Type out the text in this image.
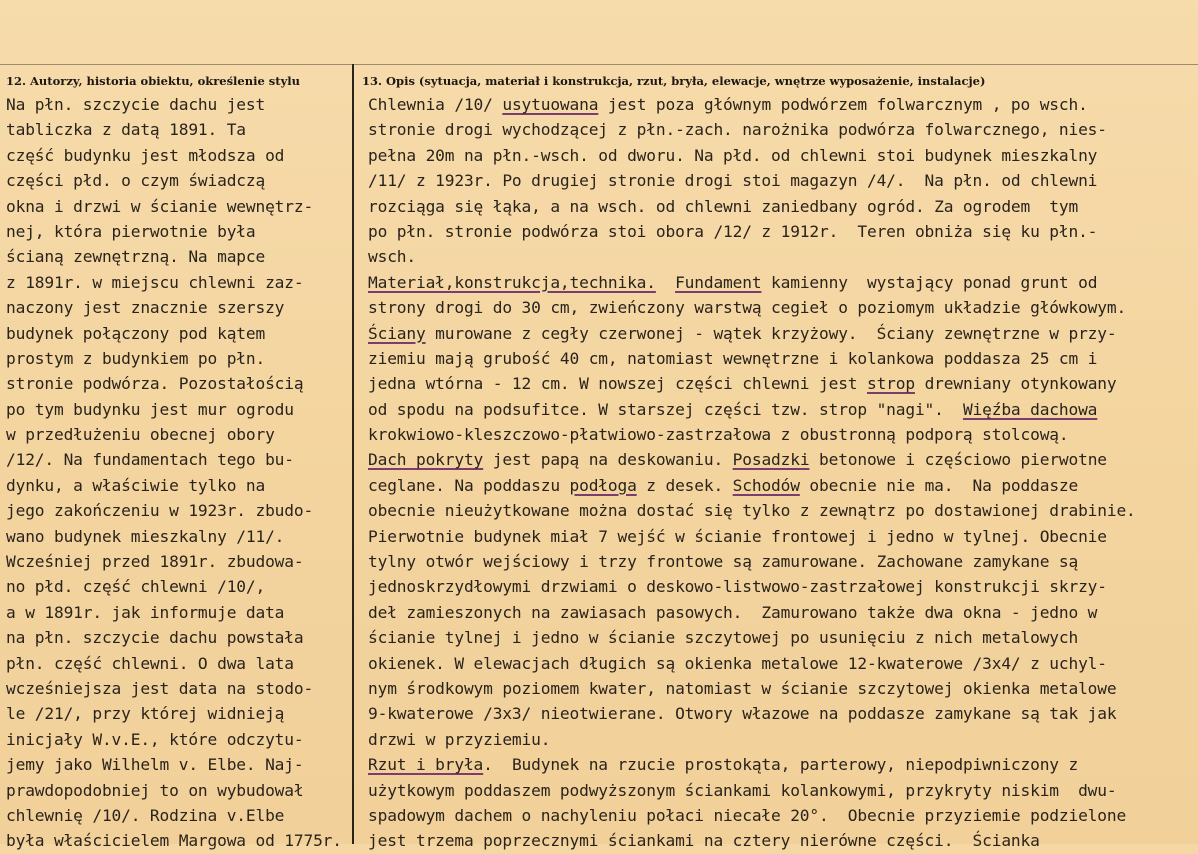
12. Autorzy, historia obiektu, określenie stylu	13. Opis (sytuacja, materiał i konstrukcja, rzut, bryła, elewacje, wnętrze wyposażenie, instalacje)
Na płn. szczycie dachu jest
tabliczka z datą 1891. Ta
część budynku jest młodsza od
części płd. o czym świadczą
okna i drzwi w ścianie wewnętrz-
nej, która pierwotnie była
ścianą zewnętrzną. Na mapce
z 1891r. w miejscu chlewni zaz-
naczony jest znacznie szerszy
budynek połączony pod kątem
prostym z budynkiem po płn.
stronie podwórza. Pozostałością
po tym budynku jest mur ogrodu
w przedłużeniu obecnej obory
/12/. Na fundamentach tego bu-
dynku, a właściwie tylko na
jego zakończeniu w 1923r. zbudo-
wano budynek mieszkalny /11/.
Wcześniej przed 1891r. zbudowa-
no płd. część chlewni /10/,
a w 1891r. jak informuje data
na płn. szczycie dachu powstała
płn. część chlewni. O dwa lata
wcześniejsza jest data na stodo-
le /21/, przy której widnieją
inicjały W.v.E., które odczytu-
jemy jako Wilhelm v. Elbe. Naj-
prawdopodobniej to on wybudował
chlewnię /10/. Rodzina v.Elbe
była właścicielem Margowa od 1775r.
Chlewnia /10/ usytuowana jest poza głównym podwórzem folwarcznym , po wsch.
stronie drogi wychodzącej z płn.-zach. narożnika podwórza folwarcznego, nies-
pełna 20m na płn.-wsch. od dworu. Na płd. od chlewni stoi budynek mieszkalny
/11/ z 1923r. Po drugiej stronie drogi stoi magazyn /4/.  Na płn. od chlewni
rozciąga się łąka, a na wsch. od chlewni zaniedbany ogród. Za ogrodem  tym
po płn. stronie podwórza stoi obora /12/ z 1912r.  Teren obniża się ku płn.-
wsch.
Materiał,konstrukcja,technika. Fundament kamienny  wystający ponad grunt od
strony drogi do 30 cm, zwieńczony warstwą cegieł o poziomym układzie główkowym.
Ściany murowane z cegły czerwonej - wątek krzyżowy.  Ściany zewnętrzne w przy-
ziemiu mają grubość 40 cm, natomiast wewnętrzne i kolankowa poddasza 25 cm i
jedna wtórna - 12 cm. W nowszej części chlewni jest strop drewniany otynkowany
od spodu na podsufitce. W starszej części tzw. strop "nagi".  Więźba dachowa
krokwiowo-kleszczowo-płatwiowo-zastrzałowa z obustronną podporą stolcową.
Dach pokryty jest papą na deskowaniu. Posadzki betonowe i częściowo pierwotne
ceglane. Na poddaszu podłoga z desek. Schodów obecnie nie ma.  Na poddasze
obecnie nieużytkowane można dostać się tylko z zewnątrz po dostawionej drabinie.
Pierwotnie budynek miał 7 wejść w ścianie frontowej i jedno w tylnej. Obecnie
tylny otwór wejściowy i trzy frontowe są zamurowane. Zachowane zamykane są
jednoskrzydłowymi drzwiami o deskowo-listwowo-zastrzałowej konstrukcji skrzy-
deł zamieszonych na zawiasach pasowych.  Zamurowano także dwa okna - jedno w
ścianie tylnej i jedno w ścianie szczytowej po usunięciu z nich metalowych
okienek. W elewacjach długich są okienka metalowe 12-kwaterowe /3x4/ z uchyl-
nym środkowym poziomem kwater, natomiast w ścianie szczytowej okienka metalowe
9-kwaterowe /3x3/ nieotwierane. Otwory włazowe na poddasze zamykane są tak jak
drzwi w przyziemiu.
Rzut i bryła.  Budynek na rzucie prostokąta, parterowy, niepodpiwniczony z
użytkowym poddaszem podwyższonym ściankami kolankowymi, przykryty niskim  dwu-
spadowym dachem o nachyleniu połaci niecałe 20°.  Obecnie przyziemie podzielone
jest trzema poprzecznymi ściankami na cztery nierówne części.  Ścianka
